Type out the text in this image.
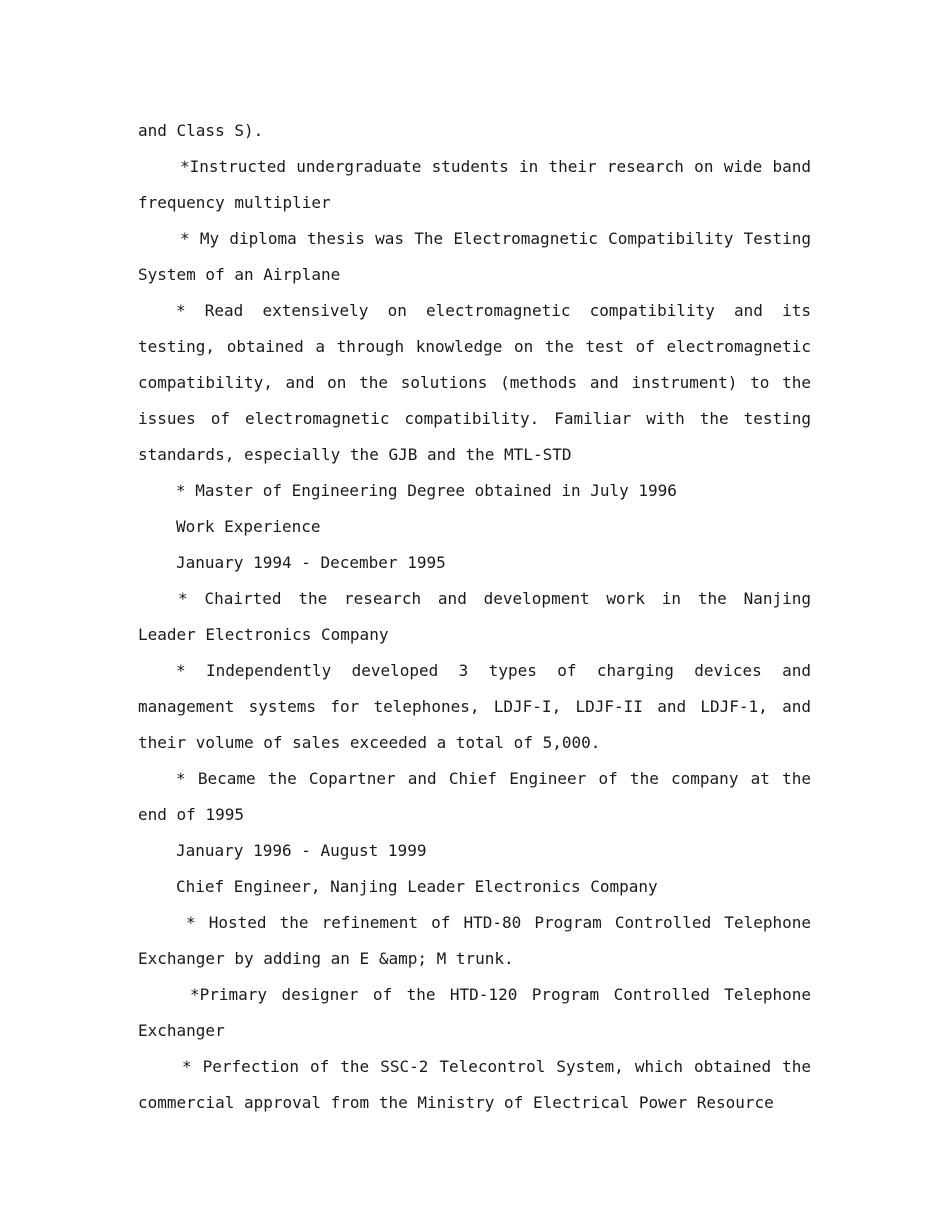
and Class S).

*Instructed undergraduate students in their research on wide band frequency multiplier

* My diploma thesis was The Electromagnetic Compatibility Testing System of an Airplane

* Read extensively on electromagnetic compatibility and its testing, obtained a through knowledge on the test of electromagnetic compatibility, and on the solutions (methods and instrument) to the issues of electromagnetic compatibility. Familiar with the testing standards, especially the GJB and the MTL-STD

* Master of Engineering Degree obtained in July 1996

Work Experience

January 1994 - December 1995

* Chairted the research and development work in the Nanjing Leader Electronics Company

* Independently developed 3 types of charging devices and management systems for telephones, LDJF-I, LDJF-II and LDJF-1, and their volume of sales exceeded a total of 5,000.

* Became the Copartner and Chief Engineer of the company at the end of 1995

January 1996 - August 1999

Chief Engineer, Nanjing Leader Electronics Company

* Hosted the refinement of HTD-80 Program Controlled Telephone Exchanger by adding an E &amp; M trunk.

*Primary designer of the HTD-120 Program Controlled Telephone Exchanger

* Perfection of the SSC-2 Telecontrol System, which obtained the commercial approval from the Ministry of Electrical Power Resource
